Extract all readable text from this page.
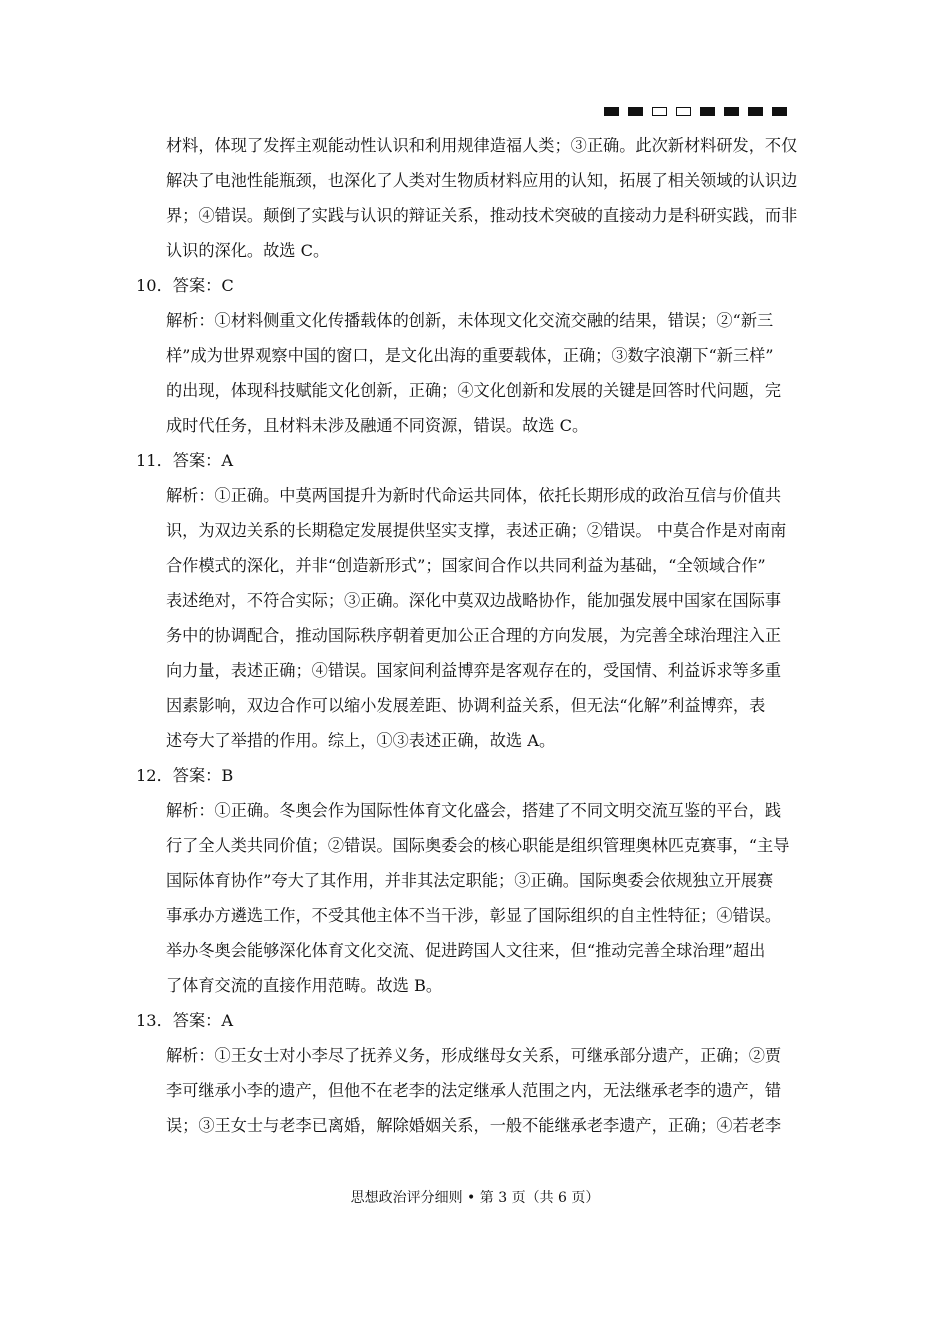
材料，体现了发挥主观能动性认识和利用规律造福人类；③正确。此次新材料研发，不仅
解决了电池性能瓶颈，也深化了人类对生物质材料应用的认知，拓展了相关领域的认识边
界；④错误。颠倒了实践与认识的辩证关系，推动技术突破的直接动力是科研实践，而非
认识的深化。故选 C。
10．答案：C
解析：①材料侧重文化传播载体的创新，未体现文化交流交融的结果，错误；②“新三
样”成为世界观察中国的窗口，是文化出海的重要载体，正确；③数字浪潮下“新三样”
的出现，体现科技赋能文化创新，正确；④文化创新和发展的关键是回答时代问题，完
成时代任务，且材料未涉及融通不同资源，错误。故选 C。
11．答案：A
解析：①正确。中莫两国提升为新时代命运共同体，依托长期形成的政治互信与价值共
识，为双边关系的长期稳定发展提供坚实支撑，表述正确；②错误。 中莫合作是对南南
合作模式的深化，并非“创造新形式”；国家间合作以共同利益为基础，“全领域合作”
表述绝对，不符合实际；③正确。深化中莫双边战略协作，能加强发展中国家在国际事
务中的协调配合，推动国际秩序朝着更加公正合理的方向发展，为完善全球治理注入正
向力量，表述正确；④错误。国家间利益博弈是客观存在的，受国情、利益诉求等多重
因素影响，双边合作可以缩小发展差距、协调利益关系，但无法“化解”利益博弈，表
述夸大了举措的作用。综上，①③表述正确，故选 A。
12．答案：B
解析：①正确。冬奥会作为国际性体育文化盛会，搭建了不同文明交流互鉴的平台，践
行了全人类共同价值；②错误。国际奥委会的核心职能是组织管理奥林匹克赛事，“主导
国际体育协作”夸大了其作用，并非其法定职能；③正确。国际奥委会依规独立开展赛
事承办方遴选工作，不受其他主体不当干涉，彰显了国际组织的自主性特征；④错误。
举办冬奥会能够深化体育文化交流、促进跨国人文往来，但“推动完善全球治理”超出
了体育交流的直接作用范畴。故选 B。
13．答案：A
解析：①王女士对小李尽了抚养义务，形成继母女关系，可继承部分遗产，正确；②贾
李可继承小李的遗产，但他不在老李的法定继承人范围之内，无法继承老李的遗产，错
误；③王女士与老李已离婚，解除婚姻关系，一般不能继承老李遗产，正确；④若老李
思想政治评分细则 • 第 3 页（共 6 页）
